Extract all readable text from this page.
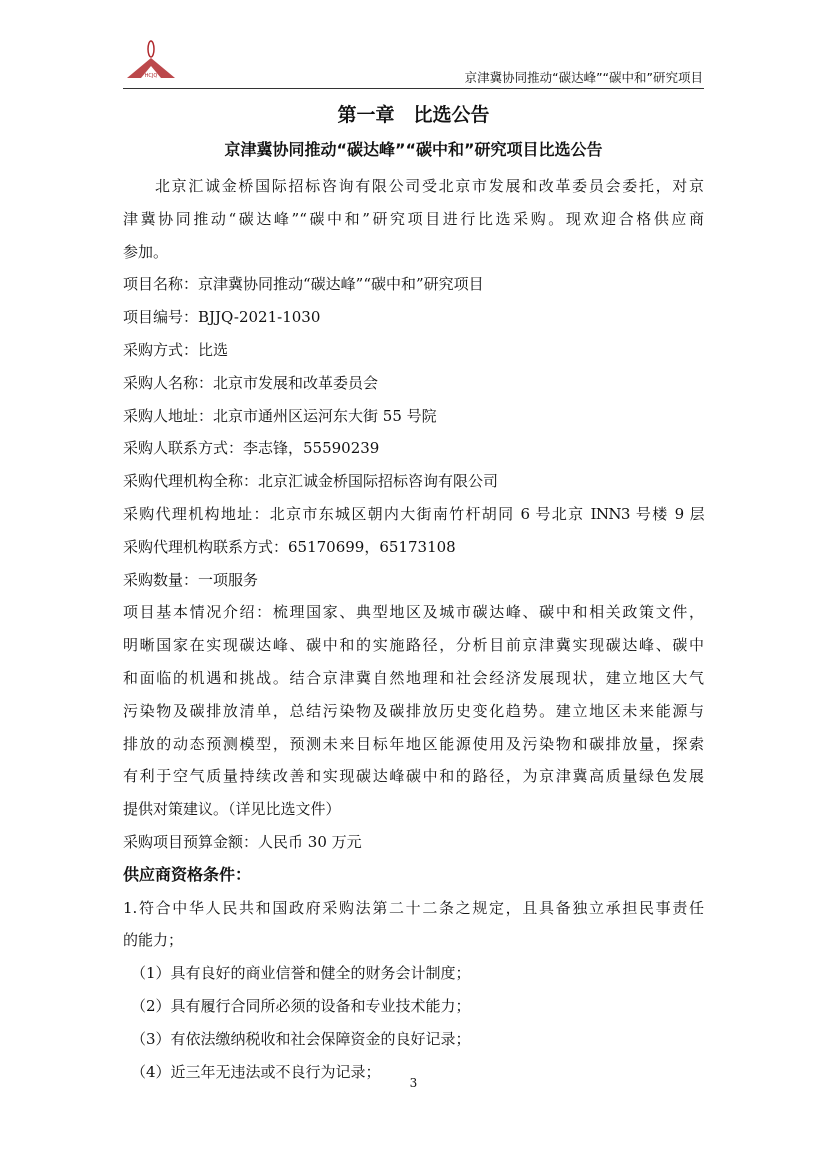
HCJQ	京津冀协同推动“碳达峰”“碳中和”研究项目
第一章　比选公告
京津冀协同推动“碳达峰”“碳中和”研究项目比选公告
北京汇诚金桥国际招标咨询有限公司受北京市发展和改革委员会委托，对京
津冀协同推动“碳达峰”“碳中和”研究项目进行比选采购。现欢迎合格供应商
参加。
项目名称：京津冀协同推动“碳达峰”“碳中和”研究项目
项目编号：BJJQ-2021-1030
采购方式：比选
采购人名称：北京市发展和改革委员会
采购人地址：北京市通州区运河东大街 55 号院
采购人联系方式：李志锋，55590239
采购代理机构全称：北京汇诚金桥国际招标咨询有限公司
采购代理机构地址：北京市东城区朝内大街南竹杆胡同 6 号北京 INN3 号楼 9 层
采购代理机构联系方式：65170699，65173108
采购数量：一项服务
项目基本情况介绍：梳理国家、典型地区及城市碳达峰、碳中和相关政策文件，
明晰国家在实现碳达峰、碳中和的实施路径，分析目前京津冀实现碳达峰、碳中
和面临的机遇和挑战。结合京津冀自然地理和社会经济发展现状，建立地区大气
污染物及碳排放清单，总结污染物及碳排放历史变化趋势。建立地区未来能源与
排放的动态预测模型，预测未来目标年地区能源使用及污染物和碳排放量，探索
有利于空气质量持续改善和实现碳达峰碳中和的路径，为京津冀高质量绿色发展
提供对策建议。（详见比选文件）
采购项目预算金额：人民币 30 万元
供应商资格条件：
1.符合中华人民共和国政府采购法第二十二条之规定，且具备独立承担民事责任
的能力；
（1）具有良好的商业信誉和健全的财务会计制度；
（2）具有履行合同所必须的设备和专业技术能力；
（3）有依法缴纳税收和社会保障资金的良好记录；
（4）近三年无违法或不良行为记录；
3
